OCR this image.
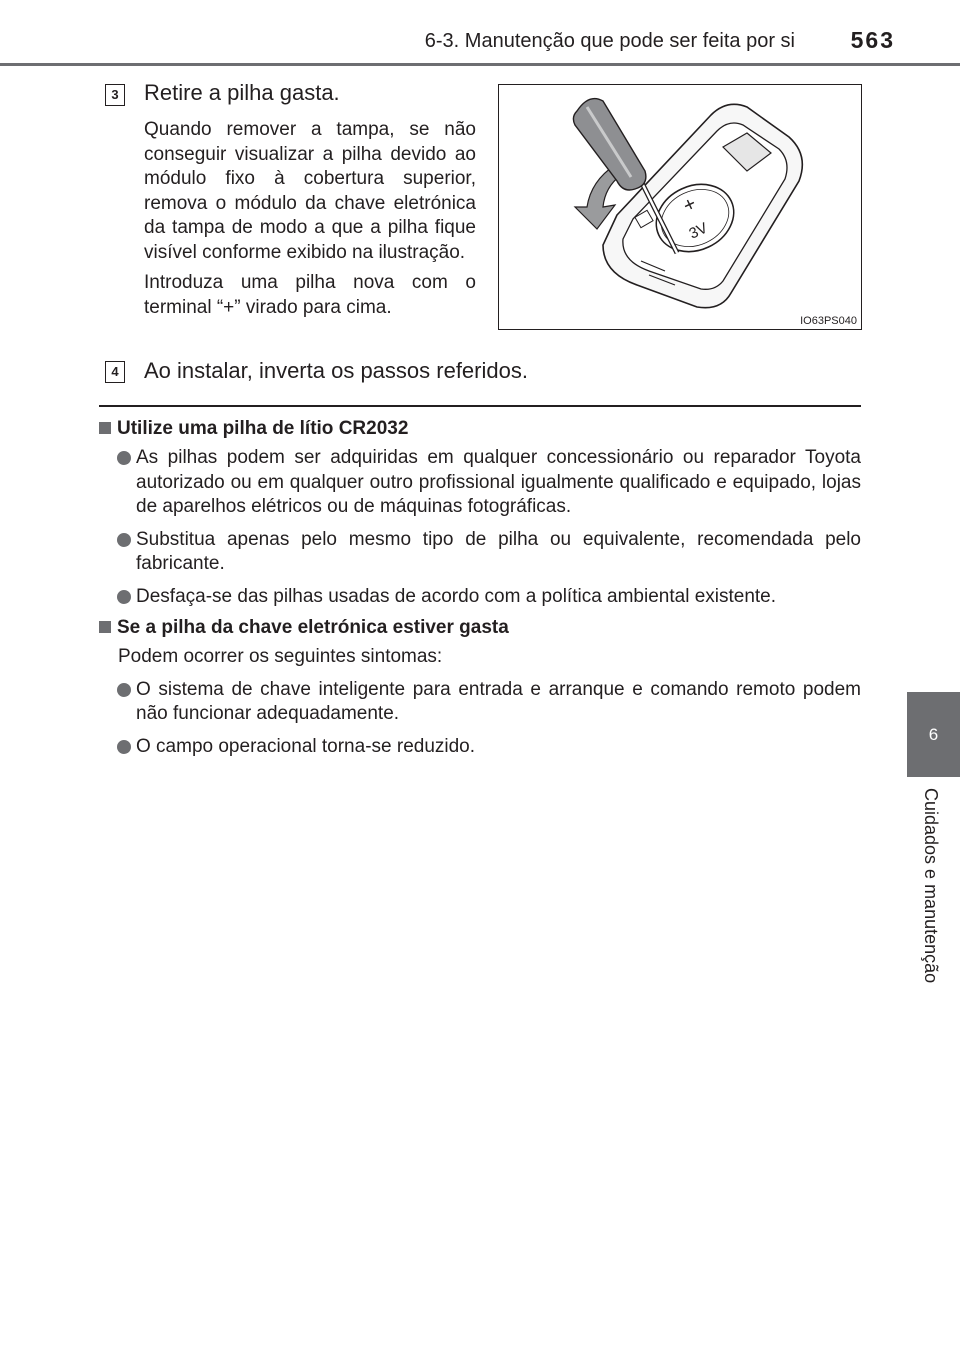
6-3. Manutenção que pode ser feita por si	563
6
Cuidados e manutenção
3 Retire a pilha gasta.

Quando remover a tampa, se não conseguir visualizar a pilha devido ao módulo fixo à cobertura superior, remova o módulo da chave eletrónica da tampa de modo a que a pilha fique visível conforme exibido na ilustração.

Introduza uma pilha nova com o terminal “+” virado para cima.

+
3V
IO63PS040
4 Ao instalar, inverta os passos referidos.
Utilize uma pilha de lítio CR2032
As pilhas podem ser adquiridas em qualquer concessionário ou reparador Toyota autorizado ou em qualquer outro profissional igualmente qualificado e equipado, lojas de aparelhos elétricos ou de máquinas fotográficas.
Substitua apenas pelo mesmo tipo de pilha ou equivalente, recomendada pelo fabricante.
Desfaça-se das pilhas usadas de acordo com a política ambiental existente.
Se a pilha da chave eletrónica estiver gasta
Podem ocorrer os seguintes sintomas:
O sistema de chave inteligente para entrada e arranque e comando remoto podem não funcionar adequadamente.
O campo operacional torna-se reduzido.
